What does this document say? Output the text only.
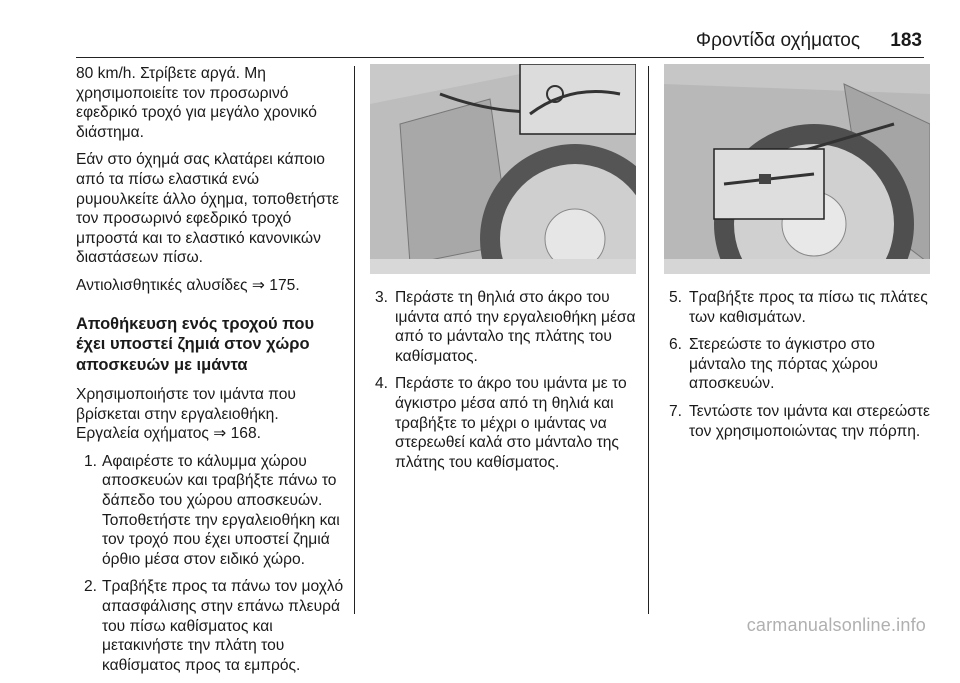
Φροντίδα οχήματος 183

80 km/h. Στρίβετε αργά. Μη χρησιμοποιείτε τον προσωρινό εφεδρικό τροχό για μεγάλο χρονικό διάστημα.

Εάν στο όχημά σας κλατάρει κάποιο από τα πίσω ελαστικά ενώ ρυμουλκείτε άλλο όχημα, τοποθετήστε τον προσωρινό εφεδρικό τροχό μπροστά και το ελαστικό κανονικών διαστάσεων πίσω.

Αντιολισθητικές αλυσίδες ⇒ 175.

Αποθήκευση ενός τροχού που έχει υποστεί ζημιά στον χώρο αποσκευών με ιμάντα

Χρησιμοποιήστε τον ιμάντα που βρίσκεται στην εργαλειοθήκη. Εργαλεία οχήματος ⇒ 168.

1. Αφαιρέστε το κάλυμμα χώρου αποσκευών και τραβήξτε πάνω το δάπεδο του χώρου αποσκευών. Τοποθετήστε την εργαλειοθήκη και τον τροχό που έχει υποστεί ζημιά όρθιο μέσα στον ειδικό χώρο.
2. Τραβήξτε προς τα πάνω τον μοχλό απασφάλισης στην επάνω πλευρά του πίσω καθίσματος και μετακινήστε την πλάτη του καθίσματος προς τα εμπρός.
3. Περάστε τη θηλιά στο άκρο του ιμάντα από την εργαλειοθήκη μέσα από το μάνταλο της πλάτης του καθίσματος.
4. Περάστε το άκρο του ιμάντα με το άγκιστρο μέσα από τη θηλιά και τραβήξτε το μέχρι ο ιμάντας να στερεωθεί καλά στο μάνταλο της πλάτης του καθίσματος.
5. Τραβήξτε προς τα πίσω τις πλάτες των καθισμάτων.
6. Στερεώστε το άγκιστρο στο μάνταλο της πόρτας χώρου αποσκευών.
7. Τεντώστε τον ιμάντα και στερεώστε τον χρησιμοποιώντας την πόρπη.
carmanualsonline.info
